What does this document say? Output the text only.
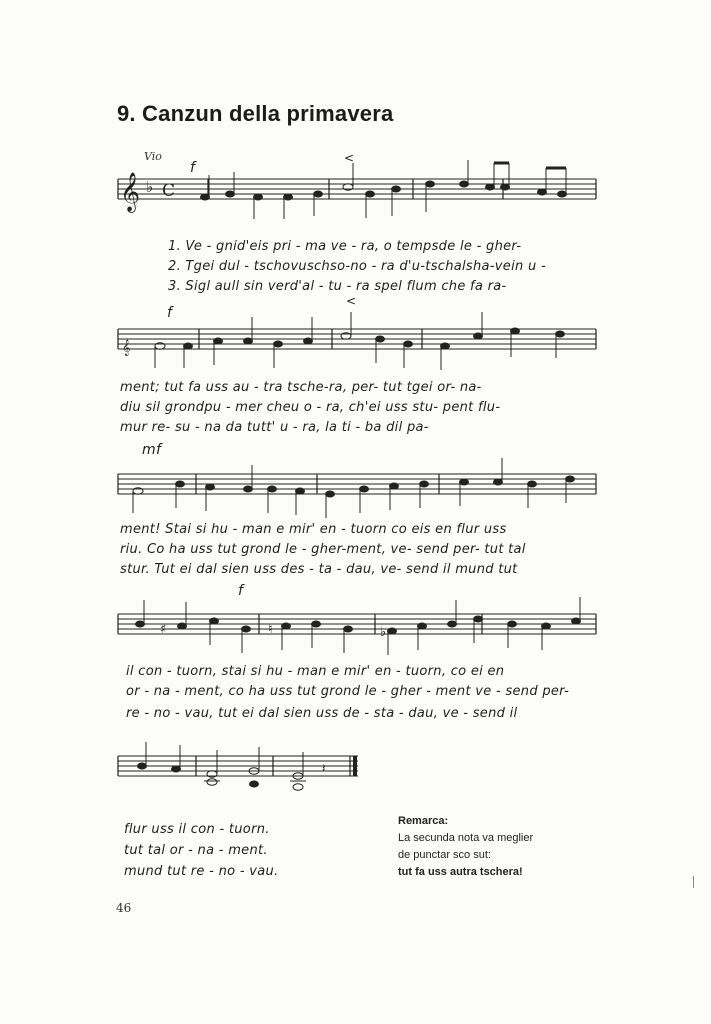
9. Canzun della primavera
Vio
𝄞 ♭ C
𝄞
♯	♮	♭
𝄽
f
<
f
<
mf
f
1. Ve - gnid'eis pri - ma ve - ra, o tempsde le - gher-
2. Tgei dul - tschovuschso-no - ra d'u-tschalsha-vein u -
3. Sigl aull sin verd'al - tu - ra spel flum che fa ra-
ment; tut fa uss au - tra tsche-ra, per- tut tgei or- na-
diu sil grondpu - mer cheu o - ra, ch'ei uss stu- pent flu-
mur re- su - na da tutt' u - ra, la ti - ba dil pa-
ment! Stai si hu - man e mir' en - tuorn co eis en flur uss
riu. Co ha uss tut grond le - gher-ment, ve- send per- tut tal
stur. Tut ei dal sien uss des - ta - dau, ve- send il mund tut
il con - tuorn, stai si hu - man e mir' en - tuorn, co ei en
or - na - ment, co ha uss tut grond le - gher - ment ve - send per-
re - no - vau, tut ei dal sien uss de - sta - dau, ve - send il
flur uss il con - tuorn.
tut tal or - na - ment.
mund tut re - no - vau.
Remarca:
La secunda nota va meglier
de punctar sco sut:
tut fa uss autra tschera!
46
